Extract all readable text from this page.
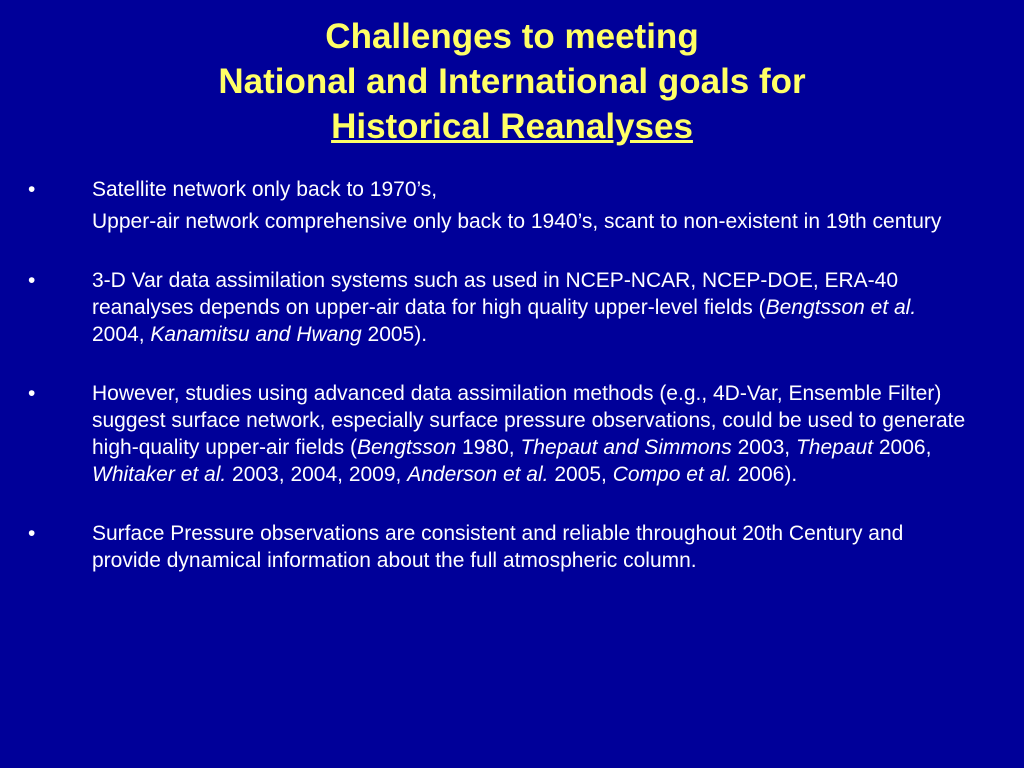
Challenges to meeting
National and International goals for
Historical Reanalyses
•	Satellite network only back to 1970’s,
Upper-air network comprehensive only back to 1940’s, scant to non-existent in 19th century
•	3-D Var data assimilation systems such as used in NCEP-NCAR, NCEP-DOE, ERA-40 reanalyses depends on upper-air data for high quality upper-level fields (Bengtsson et al. 2004, Kanamitsu and Hwang 2005).
•	However, studies using advanced data assimilation methods (e.g., 4D-Var, Ensemble Filter) suggest surface network, especially surface pressure observations, could be used to generate high-quality upper-air fields (Bengtsson 1980, Thepaut and Simmons 2003, Thepaut 2006, Whitaker et al. 2003, 2004, 2009, Anderson et al. 2005, Compo et al. 2006).
•	Surface Pressure observations are consistent and reliable throughout 20th Century and provide dynamical information about the full atmospheric column.
